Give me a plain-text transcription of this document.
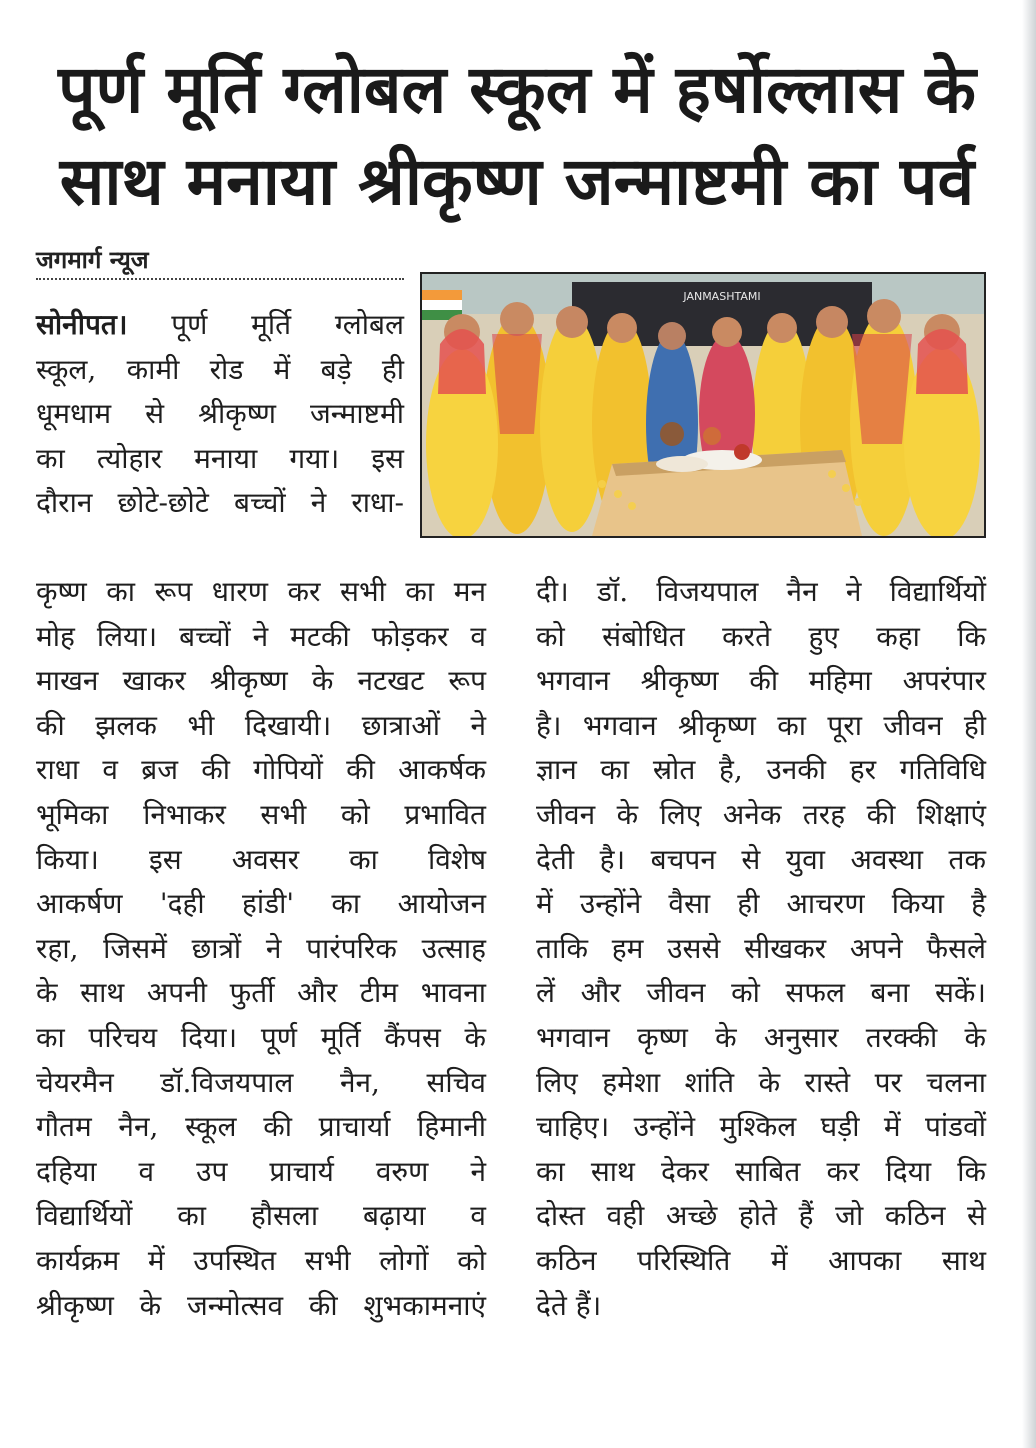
पूर्ण मूर्ति ग्लोबल स्कूल में हर्षोल्लास के
साथ मनाया श्रीकृष्ण जन्माष्टमी का पर्व
जगमार्ग न्यूज
JANMASHTAMI

सोनीपत। पूर्ण मूर्ति ग्लोबल

स्कूल, कामी रोड में बड़े ही

धूमधाम से श्रीकृष्ण जन्माष्टमी

का त्योहार मनाया गया। इस

दौरान छोटे-छोटे बच्चों ने राधा-

कृष्ण का रूप धारण कर सभी का मन

मोह लिया। बच्चों ने मटकी फोड़कर व

माखन खाकर श्रीकृष्ण के नटखट रूप

की झलक भी दिखायी। छात्राओं ने

राधा व ब्रज की गोपियों की आकर्षक

भूमिका निभाकर सभी को प्रभावित

किया। इस अवसर का विशेष

आकर्षण 'दही हांडी' का आयोजन

रहा, जिसमें छात्रों ने पारंपरिक उत्साह

के साथ अपनी फुर्ती और टीम भावना

का परिचय दिया। पूर्ण मूर्ति कैंपस के

चेयरमैन डॉ.विजयपाल नैन, सचिव

गौतम नैन, स्कूल की प्राचार्या हिमानी

दहिया व उप प्राचार्य वरुण ने

विद्यार्थियों का हौसला बढ़ाया व

कार्यक्रम में उपस्थित सभी लोगों को

श्रीकृष्ण के जन्मोत्सव की शुभकामनाएं

दी। डॉ. विजयपाल नैन ने विद्यार्थियों

को संबोधित करते हुए कहा कि

भगवान श्रीकृष्ण की महिमा अपरंपार

है। भगवान श्रीकृष्ण का पूरा जीवन ही

ज्ञान का स्रोत है, उनकी हर गतिविधि

जीवन के लिए अनेक तरह की शिक्षाएं

देती है। बचपन से युवा अवस्था तक

में उन्होंने वैसा ही आचरण किया है

ताकि हम उससे सीखकर अपने फैसले

लें और जीवन को सफल बना सकें।

भगवान कृष्ण के अनुसार तरक्की के

लिए हमेशा शांति के रास्ते पर चलना

चाहिए। उन्होंने मुश्किल घड़ी में पांडवों

का साथ देकर साबित कर दिया कि

दोस्त वही अच्छे होते हैं जो कठिन से

कठिन परिस्थिति में आपका साथ

देते हैं।
